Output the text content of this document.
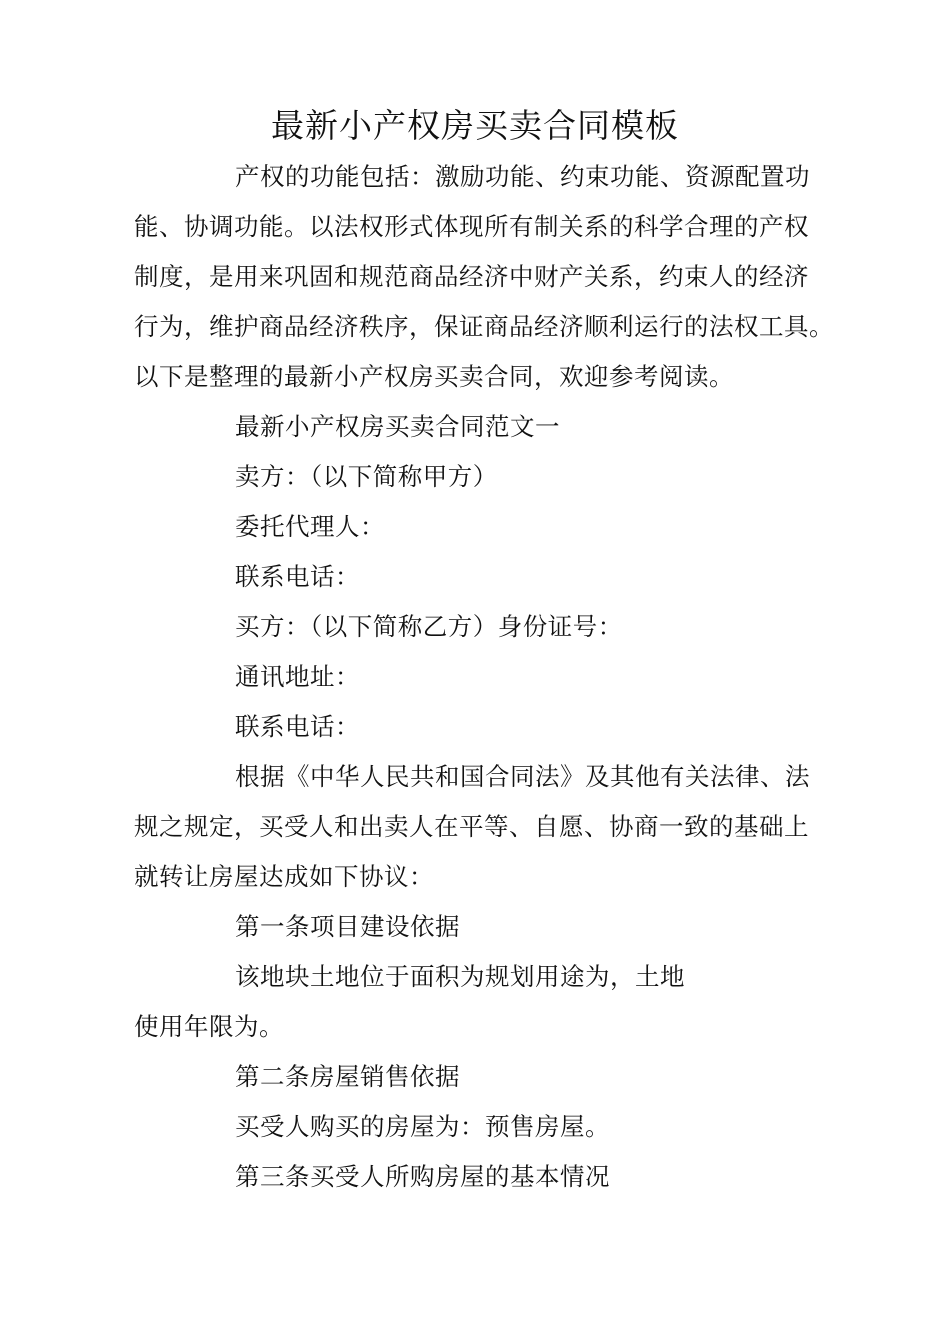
最新小产权房买卖合同模板
产权的功能包括：激励功能、约束功能、资源配置功
能、协调功能。以法权形式体现所有制关系的科学合理的产权
制度，是用来巩固和规范商品经济中财产关系，约束人的经济
行为，维护商品经济秩序，保证商品经济顺利运行的法权工具。
以下是整理的最新小产权房买卖合同，欢迎参考阅读。
最新小产权房买卖合同范文一
卖方：（以下简称甲方）
委托代理人：
联系电话：
买方：（以下简称乙方）身份证号：
通讯地址：
联系电话：
根据《中华人民共和国合同法》及其他有关法律、法
规之规定，买受人和出卖人在平等、自愿、协商一致的基础上
就转让房屋达成如下协议：
第一条项目建设依据
该地块土地位于面积为规划用途为，土地
使用年限为。
第二条房屋销售依据
买受人购买的房屋为：预售房屋。
第三条买受人所购房屋的基本情况
